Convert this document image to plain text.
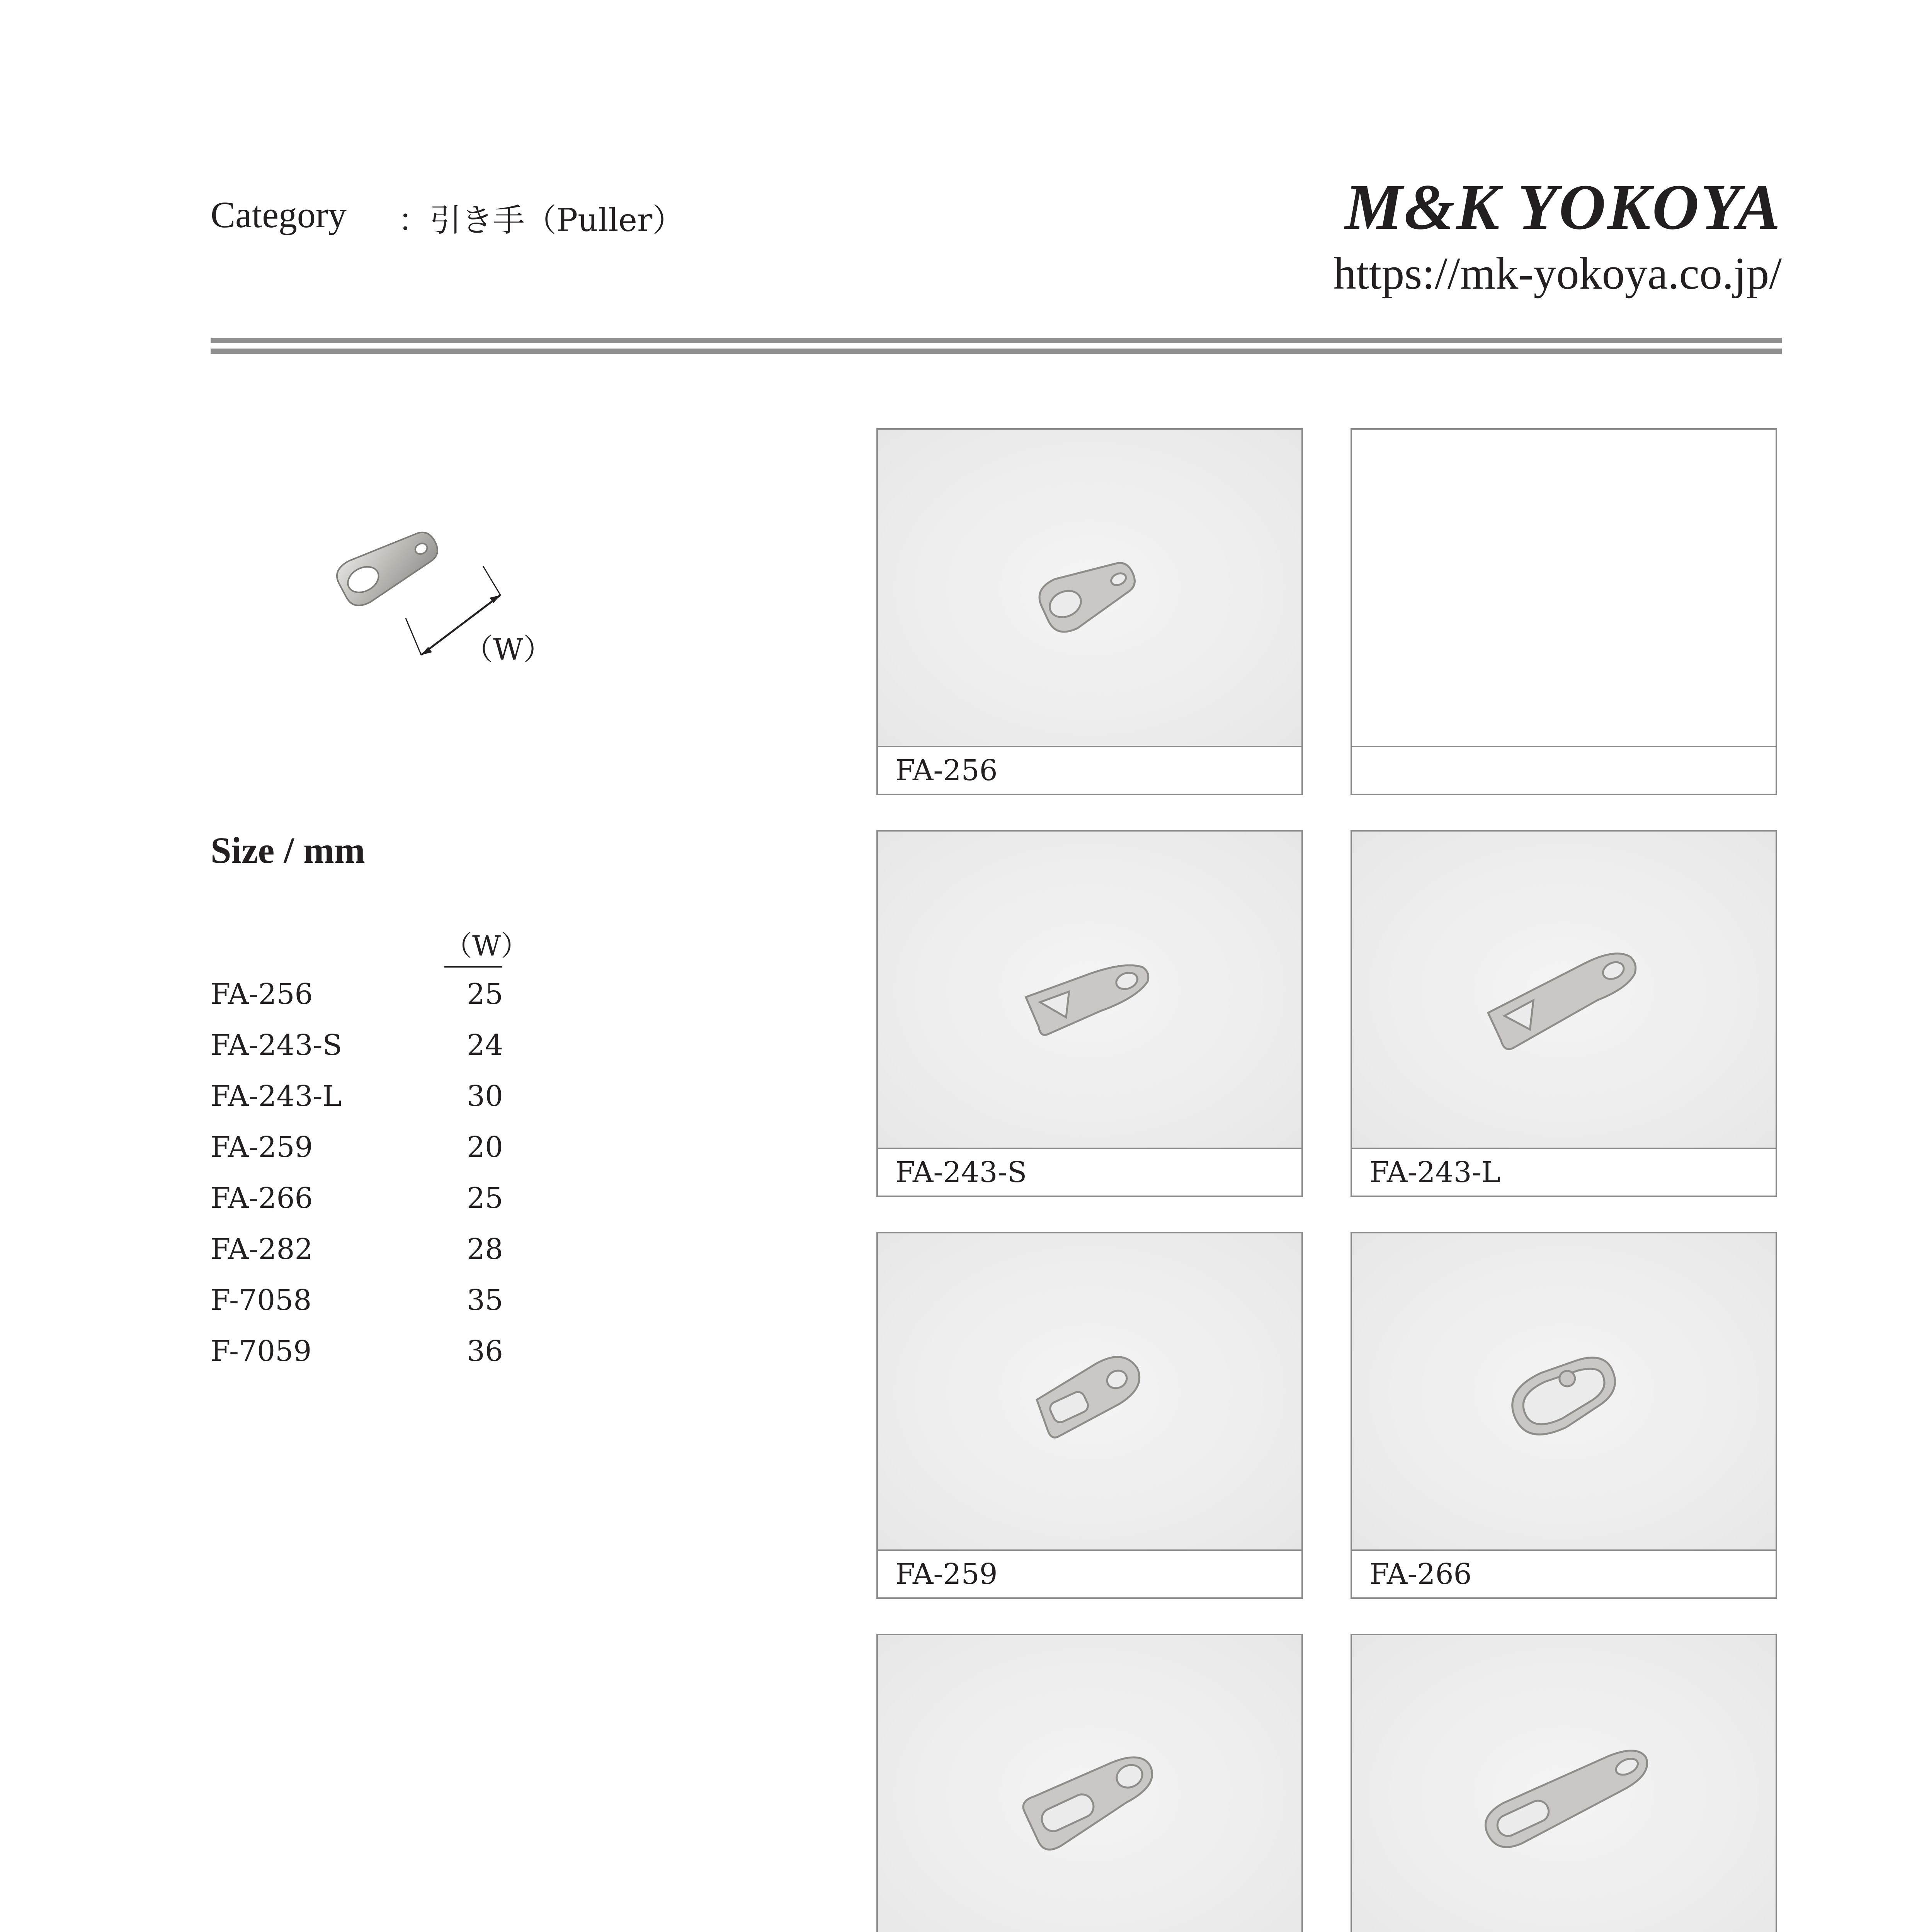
Category ：引き手（Puller）	M&K YOKOYA
https://mk-yokoya.co.jp/
（W）
Size / mm
（W）
FA-256	25
FA-243-S	24
FA-243-L	30
FA-259	20
FA-266	25
FA-282	28
F-7058	35
F-7059	36
FA-256
FA-243-S	FA-243-L
FA-259	FA-266
